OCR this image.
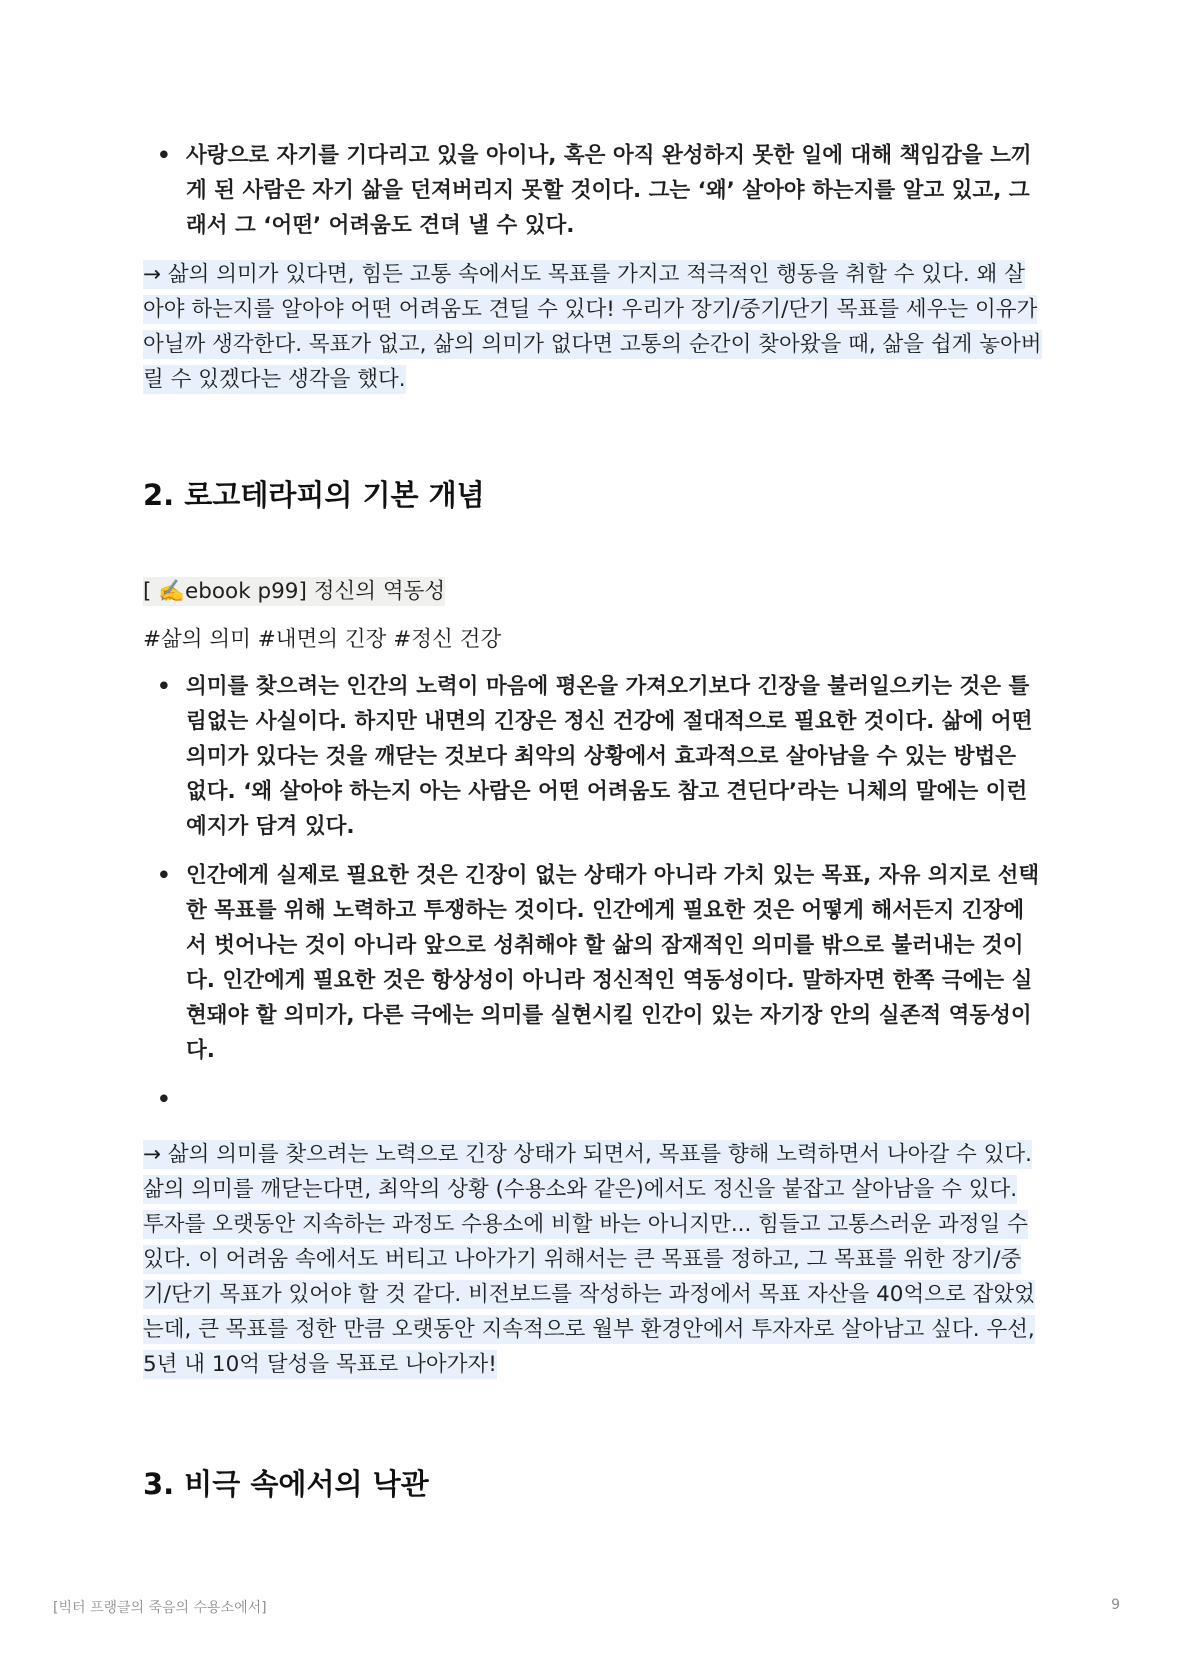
• 사랑으로 자기를 기다리고 있을 아이나, 혹은 아직 완성하지 못한 일에 대해 책임감을 느끼게 된 사람은 자기 삶을 던져버리지 못할 것이다. 그는 ‘왜’ 살아야 하는지를 알고 있고, 그래서 그 ‘어떤’ 어려움도 견뎌 낼 수 있다.

→ 삶의 의미가 있다면, 힘든 고통 속에서도 목표를 가지고 적극적인 행동을 취할 수 있다. 왜 살아야 하는지를 알아야 어떤 어려움도 견딜 수 있다! 우리가 장기/중기/단기 목표를 세우는 이유가 아닐까 생각한다. 목표가 없고, 삶의 의미가 없다면 고통의 순간이 찾아왔을 때, 삶을 쉽게 놓아버릴 수 있겠다는 생각을 했다.

2. 로고테라피의 기본 개념
[ ✍️ebook p99] 정신의 역동성
#삶의 의미 #내면의 긴장 #정신 건강
• 의미를 찾으려는 인간의 노력이 마음에 평온을 가져오기보다 긴장을 불러일으키는 것은 틀림없는 사실이다. 하지만 내면의 긴장은 정신 건강에 절대적으로 필요한 것이다. 삶에 어떤 의미가 있다는 것을 깨닫는 것보다 최악의 상황에서 효과적으로 살아남을 수 있는 방법은 없다. ‘왜 살아야 하는지 아는 사람은 어떤 어려움도 참고 견딘다’라는 니체의 말에는 이런 예지가 담겨 있다.
• 인간에게 실제로 필요한 것은 긴장이 없는 상태가 아니라 가치 있는 목표, 자유 의지로 선택한 목표를 위해 노력하고 투쟁하는 것이다. 인간에게 필요한 것은 어떻게 해서든지 긴장에서 벗어나는 것이 아니라 앞으로 성취해야 할 삶의 잠재적인 의미를 밖으로 불러내는 것이다. 인간에게 필요한 것은 항상성이 아니라 정신적인 역동성이다. 말하자면 한쪽 극에는 실현돼야 할 의미가, 다른 극에는 의미를 실현시킬 인간이 있는 자기장 안의 실존적 역동성이다.
•

→ 삶의 의미를 찾으려는 노력으로 긴장 상태가 되면서, 목표를 향해 노력하면서 나아갈 수 있다. 삶의 의미를 깨닫는다면, 최악의 상황 (수용소와 같은)에서도 정신을 붙잡고 살아남을 수 있다. 투자를 오랫동안 지속하는 과정도 수용소에 비할 바는 아니지만... 힘들고 고통스러운 과정일 수 있다. 이 어려움 속에서도 버티고 나아가기 위해서는 큰 목표를 정하고, 그 목표를 위한 장기/중기/단기 목표가 있어야 할 것 같다. 비전보드를 작성하는 과정에서 목표 자산을 40억으로 잡았었는데, 큰 목표를 정한 만큼 오랫동안 지속적으로 월부 환경안에서 투자자로 살아남고 싶다. 우선, 5년 내 10억 달성을 목표로 나아가자!

3. 비극 속에서의 낙관
[빅터 프랭클의 죽음의 수용소에서]	9
